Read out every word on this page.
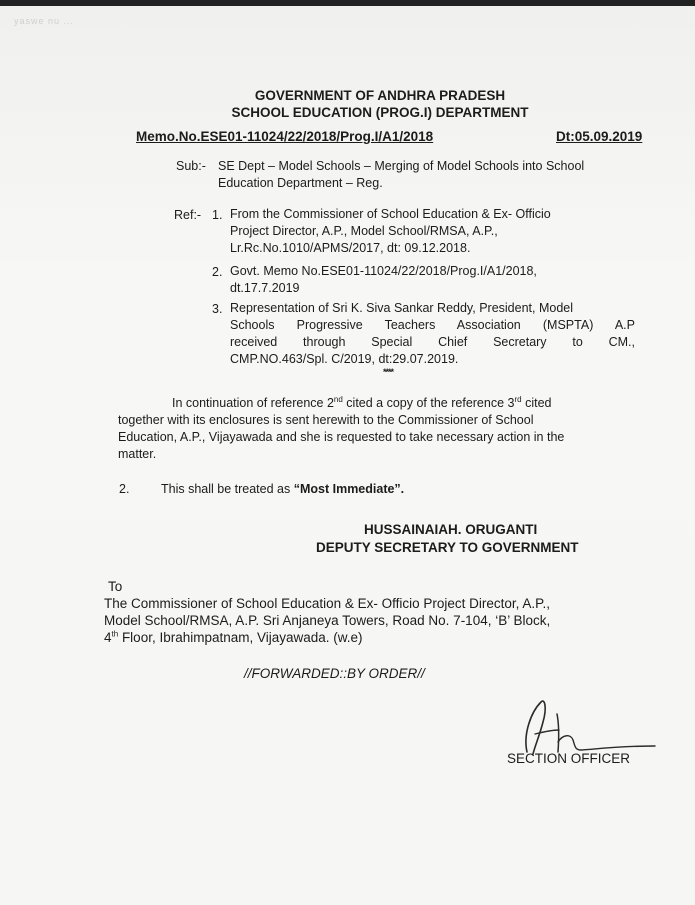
yaswe nu ...
GOVERNMENT OF ANDHRA PRADESH
SCHOOL EDUCATION (PROG.I) DEPARTMENT
Memo.No.ESE01-11024/22/2018/Prog.I/A1/2018	Dt:05.09.2019
Sub:- SE Dept – Model Schools – Merging of Model Schools into School
Education Department – Reg.
Ref:- 1. From the Commissioner of School Education & Ex- Officio
Project Director, A.P., Model School/RMSA, A.P.,
Lr.Rc.No.1010/APMS/2017, dt: 09.12.2018.
2. Govt. Memo No.ESE01-11024/22/2018/Prog.I/A1/2018,
dt.17.7.2019
3. Representation of Sri K. Siva Sankar Reddy, President, Model
Schools Progressive Teachers Association (MSPTA) A.P
received through Special Chief Secretary to CM.,
CMP.NO.463/Spl. C/2019, dt:29.07.2019.
****
In continuation of reference 2nd cited a copy of the reference 3rd cited
together with its enclosures is sent herewith to the Commissioner of School
Education, A.P., Vijayawada and she is requested to take necessary action in the
matter.
2.	This shall be treated as “Most Immediate”.
HUSSAINAIAH. ORUGANTI
DEPUTY SECRETARY TO GOVERNMENT
To
The Commissioner of School Education & Ex- Officio Project Director, A.P.,
Model School/RMSA, A.P. Sri Anjaneya Towers, Road No. 7-104, ‘B’ Block,
4th Floor, Ibrahimpatnam, Vijayawada. (w.e)
//FORWARDED::BY ORDER//
SECTION OFFICER
